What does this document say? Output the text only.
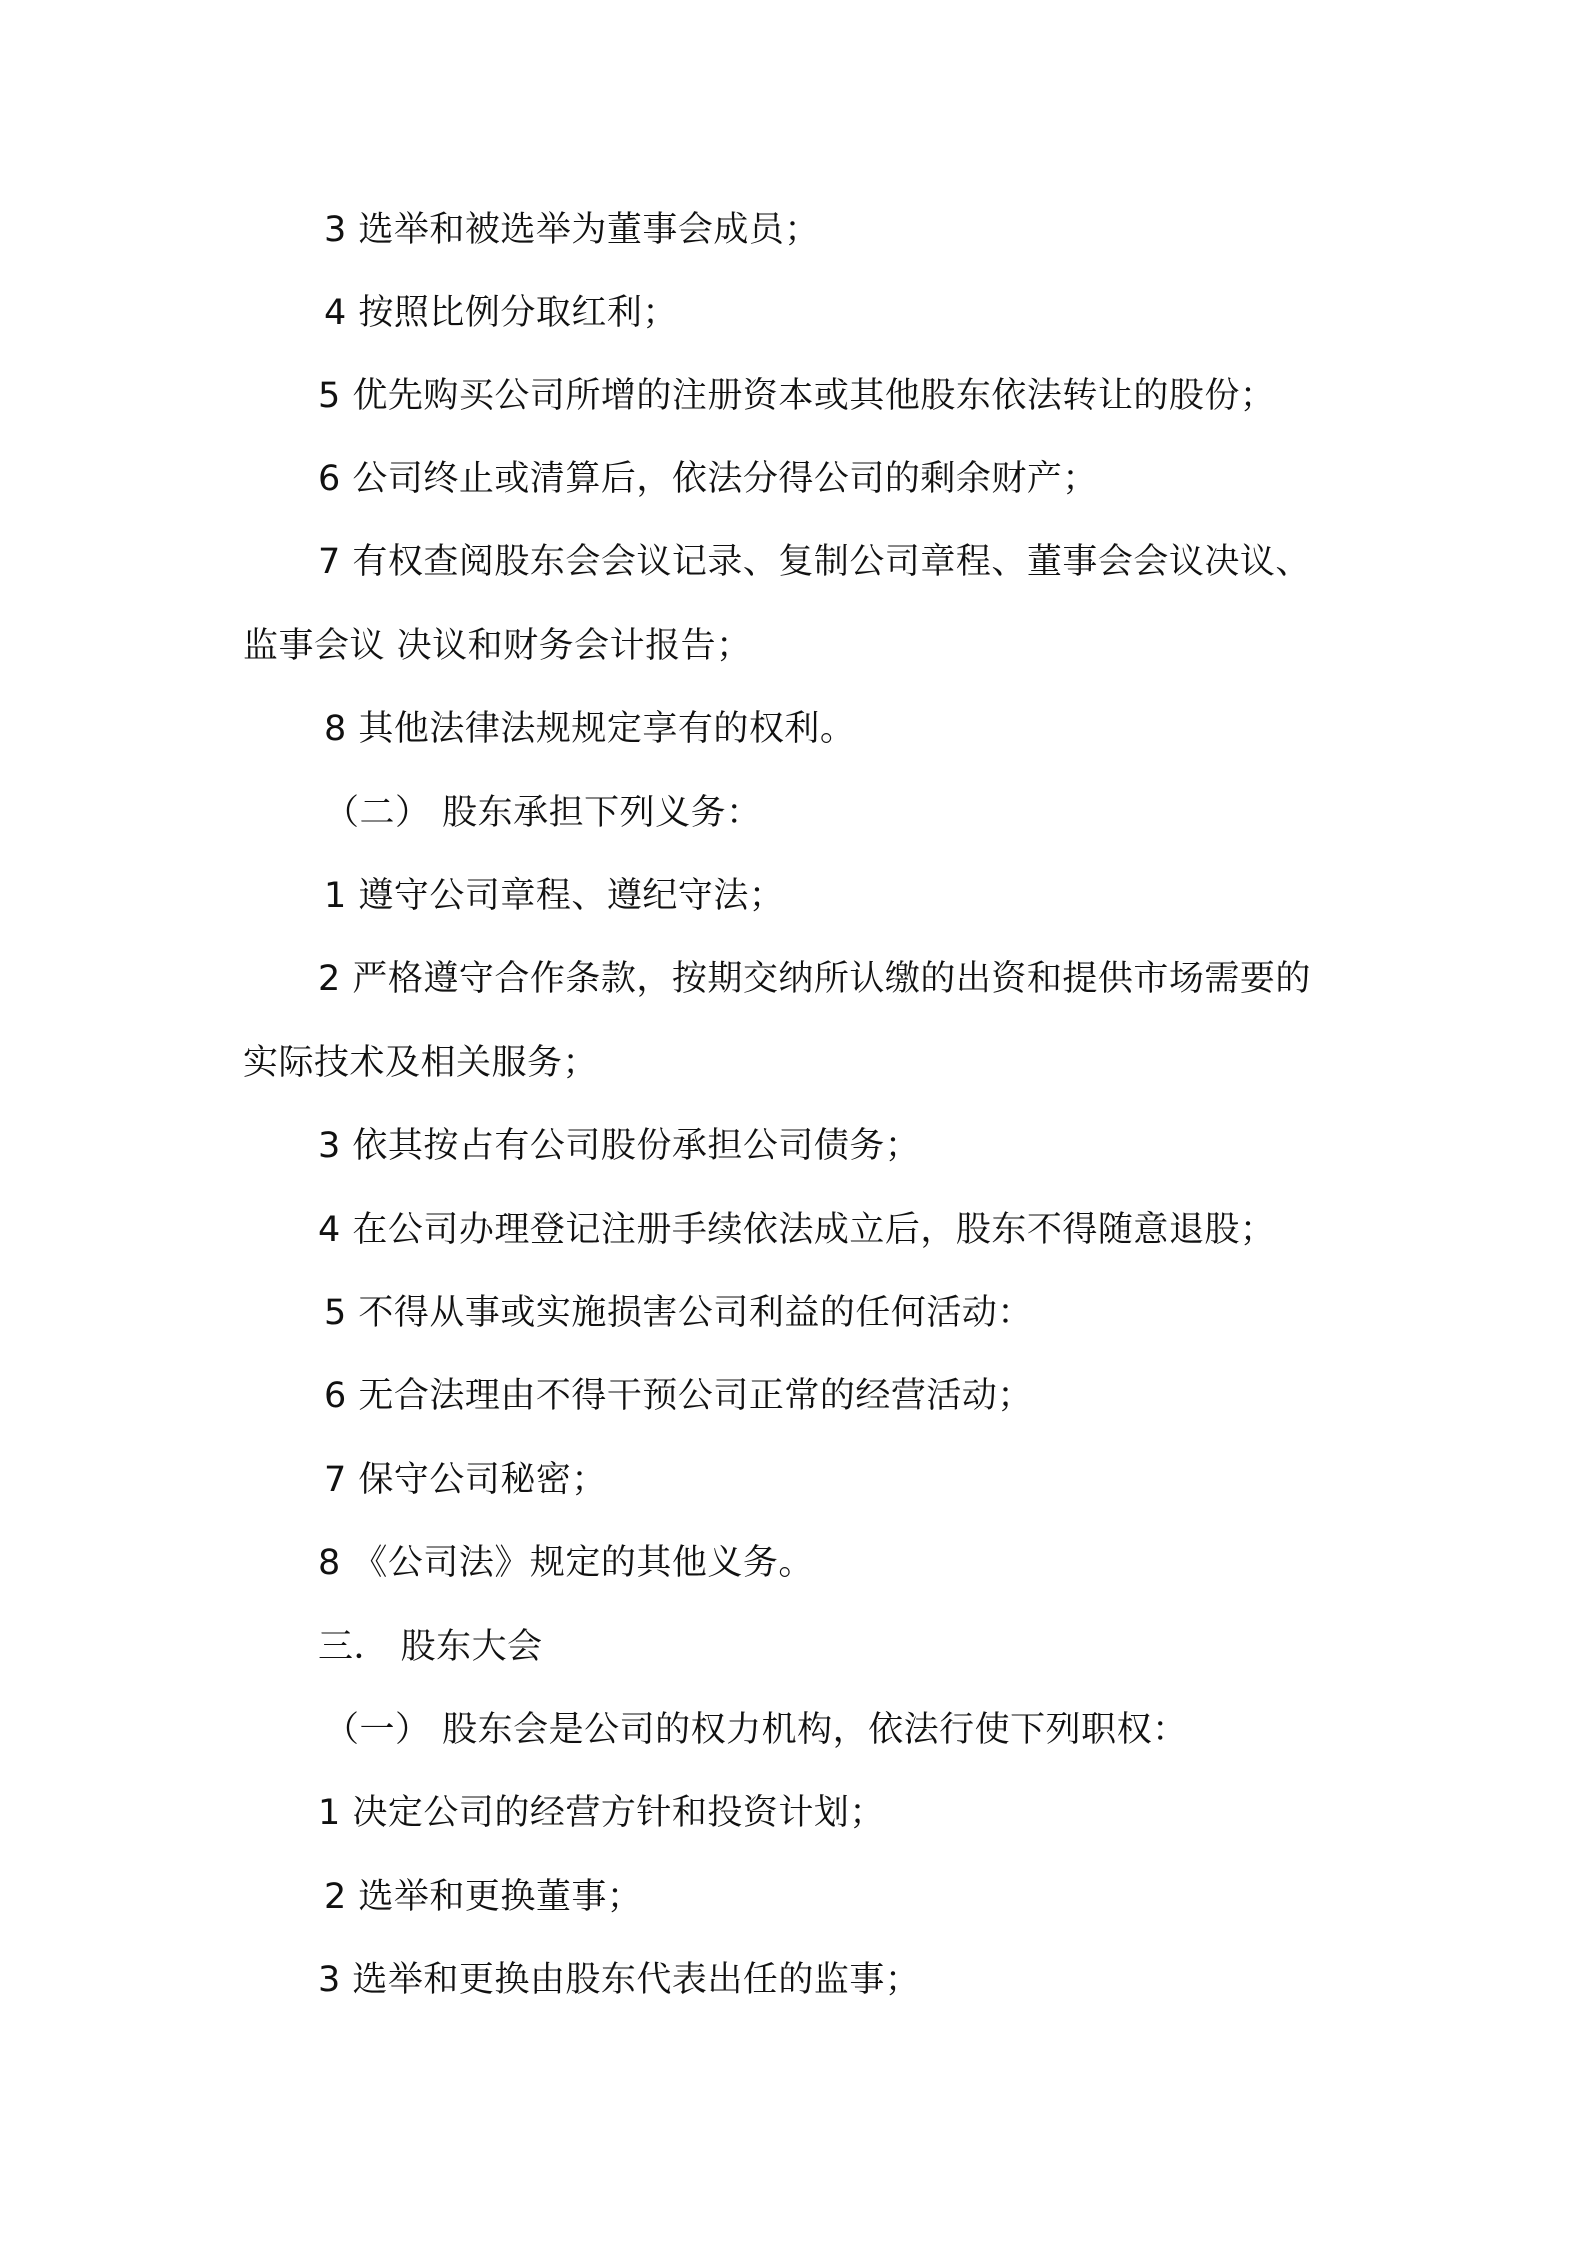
3 选举和被选举为董事会成员；
4 按照比例分取红利；
5 优先购买公司所增的注册资本或其他股东依法转让的股份；
6 公司终止或清算后，依法分得公司的剩余财产；
7 有权查阅股东会会议记录、复制公司章程、董事会会议决议、
监事会议 决议和财务会计报告；
8 其他法律法规规定享有的权利。
（二） 股东承担下列义务：
1 遵守公司章程、遵纪守法；
2 严格遵守合作条款，按期交纳所认缴的出资和提供市场需要的
实际技术及相关服务；
3 依其按占有公司股份承担公司债务；
4 在公司办理登记注册手续依法成立后，股东不得随意退股；
5 不得从事或实施损害公司利益的任何活动：
6 无合法理由不得干预公司正常的经营活动；
7 保守公司秘密；
8 《公司法》规定的其他义务。
三． 股东大会
（一） 股东会是公司的权力机构，依法行使下列职权：
1 决定公司的经营方针和投资计划；
2 选举和更换董事；
3 选举和更换由股东代表出任的监事；
